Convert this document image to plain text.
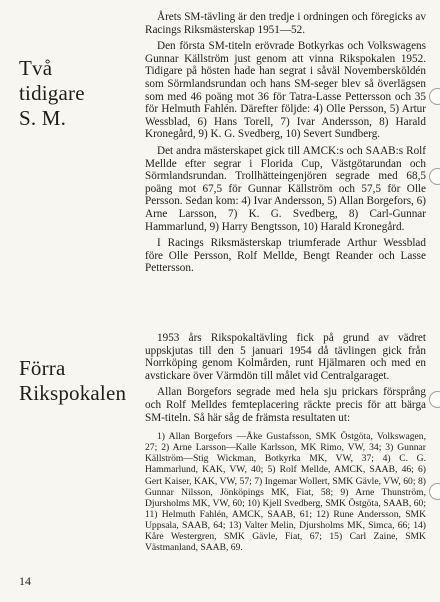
Två
tidigare
S. M.

Årets SM-tävling är den tredje i ordningen och föregicks av Racings Riksmästerskap 1951—52.

Den första SM-titeln erövrade Botkyrkas och Volkswagens Gunnar Källström just genom att vinna Rikspokalen 1952. Tidigare på hösten hade han segrat i såväl Novembersköldén som Sörmlandsrundan och hans SM-seger blev så överlägsen som med 46 poäng mot 36 för Tatra-Lasse Pettersson och 35 för Helmuth Fahlén. Därefter följde: 4) Olle Persson, 5) Artur Wessblad, 6) Hans Torell, 7) Ivar Andersson, 8) Harald Kronegård, 9) K. G. Svedberg, 10) Severt Sundberg.

Det andra mästerskapet gick till AMCK:s och SAAB:s Rolf Mellde efter segrar i Florida Cup, Västgötarundan och Sörmlandsrundan. Trollhätteingenjören segrade med 68,5 poäng mot 67,5 för Gunnar Källström och 57,5 för Olle Persson. Sedan kom: 4) Ivar Andersson, 5) Allan Borgefors, 6) Arne Larsson, 7) K. G. Svedberg, 8) Carl-Gunnar Hammarlund, 9) Harry Bengtsson, 10) Harald Kronegård.

I Racings Riksmästerskap triumferade Arthur Wessblad före Olle Persson, Rolf Mellde, Bengt Reander och Lasse Pettersson.

Förra
Rikspokalen

1953 års Rikspokaltävling fick på grund av vädret uppskjutas till den 5 januari 1954 då tävlingen gick från Norrköping genom Kolmården, runt Hjälmaren och med en avstickare över Värmdön till målet vid Centralgaraget.

Allan Borgefors segrade med hela sju prickars försprång och Rolf Melldes femteplacering räckte precis för att bärga SM-titeln. Så här såg de främsta resultaten ut:

1) Allan Borgefors —Åke Gustafsson, SMK Östgöta, Volkswagen, 27; 2) Arne Larsson—Kalle Karlsson, MK Rimo, VW, 34; 3) Gunnar Källström—Stig Wickman, Botkyrka MK, VW, 37; 4) C. G. Hammarlund, KAK, VW, 40; 5) Rolf Mellde, AMCK, SAAB, 46; 6) Gert Kaiser, KAK, VW, 57; 7) Ingemar Wollert, SMK Gävle, VW, 60; 8) Gunnar Nilsson, Jönköpings MK, Fiat, 58; 9) Arne Thunström, Djursholms MK, VW, 60; 10) Kjell Svedberg, SMK Östgöta, SAAB, 60; 11) Helmuth Fahlén, AMCK, SAAB, 61; 12) Rune Andersson, SMK Uppsala, SAAB, 64; 13) Valter Melin, Djursholms MK, Simca, 66; 14) Kåre Westergren, SMK Gävle, Fiat, 67; 15) Carl Zaine, SMK Västmanland, SAAB, 69.

14
